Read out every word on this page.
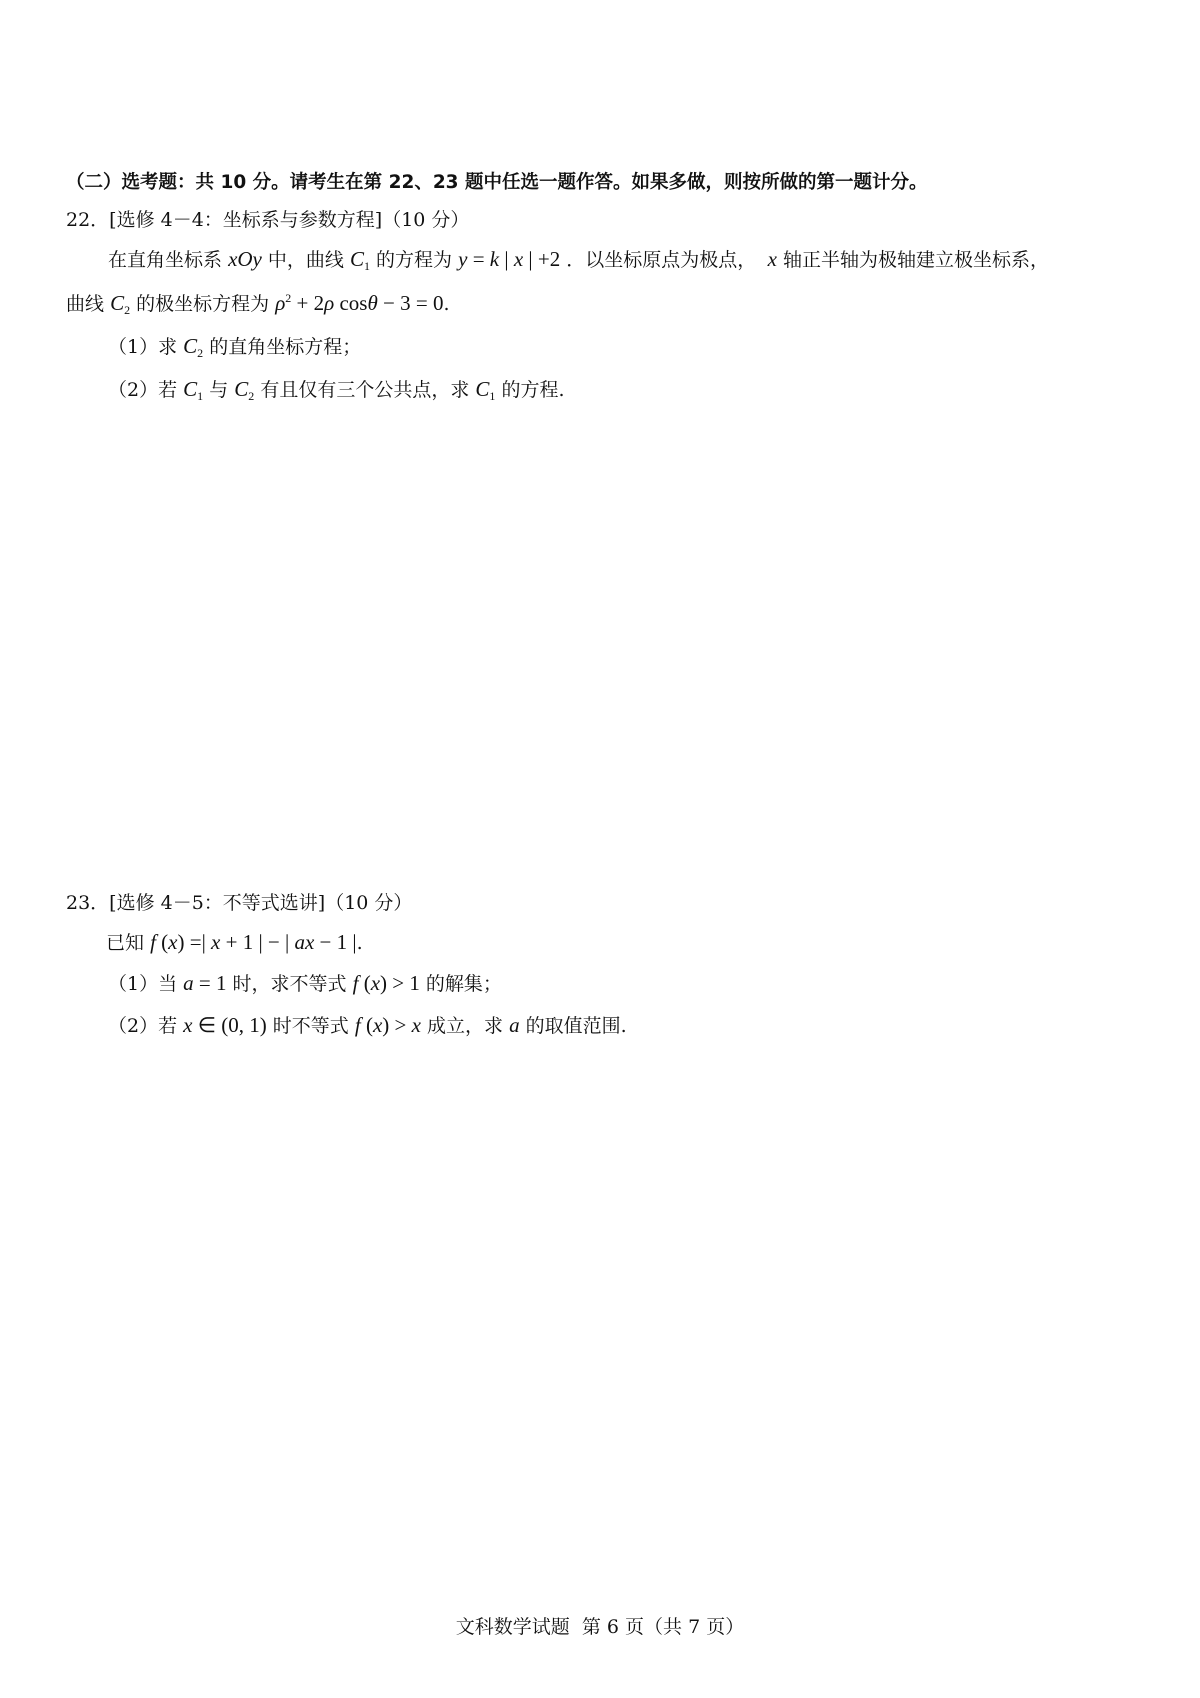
（二）选考题：共 10 分。请考生在第 22、23 题中任选一题作答。如果多做，则按所做的第一题计分。
22．[选修 4－4：坐标系与参数方程]（10 分）
在直角坐标系 xOy 中，曲线 $C_1$ 的方程为 y = k | x | +2 ．以坐标原点为极点， x 轴正半轴为极轴建立极坐标系，
曲线 $C_2$ 的极坐标方程为 $\rho^2 + 2\rho$ cosθ − 3 = 0.
（1）求 $C_2$ 的直角坐标方程；
（2）若 $C_1$ 与 $C_2$ 有且仅有三个公共点，求 $C_1$ 的方程.
23．[选修 4－5：不等式选讲]（10 分）
已知 f (x) =| x + 1 | − | ax − 1 |.
（1）当 a = 1 时，求不等式 f (x) > 1 的解集；
（2）若 x ∈ (0, 1) 时不等式 f (x) > x 成立，求 a 的取值范围.
文科数学试题  第 6 页（共 7 页）
